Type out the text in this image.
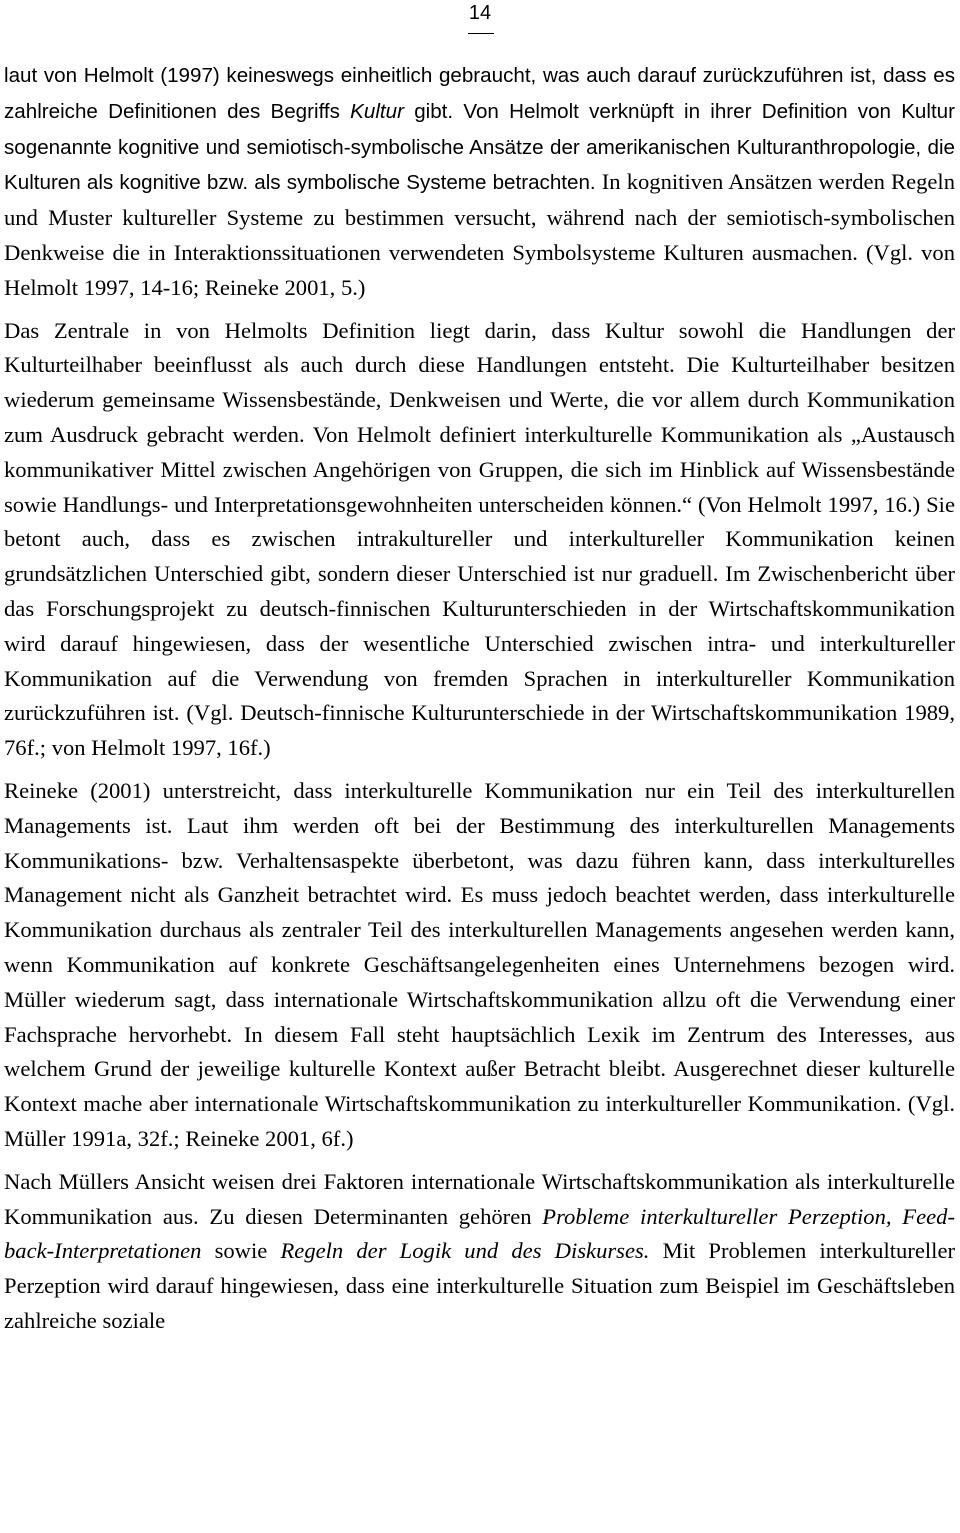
14

laut von Helmolt (1997) keineswegs einheitlich gebraucht, was auch darauf zurückzuführen ist, dass es zahlreiche Definitionen des Begriffs Kultur gibt. Von Helmolt verknüpft in ihrer Definition von Kultur sogenannte kognitive und semiotisch-symbolische Ansätze der amerikanischen Kulturanthropologie, die Kulturen als kognitive bzw. als symbolische Systeme betrachten. In kognitiven Ansätzen werden Regeln und Muster kultureller Systeme zu bestimmen versucht, während nach der semiotisch-symbolischen Denkweise die in Interaktionssituationen verwendeten Symbolsysteme Kulturen ausmachen. (Vgl. von Helmolt 1997, 14-16; Reineke 2001, 5.)

Das Zentrale in von Helmolts Definition liegt darin, dass Kultur sowohl die Handlungen der Kulturteilhaber beeinflusst als auch durch diese Handlungen entsteht. Die Kulturteilhaber besitzen wiederum gemeinsame Wissensbestände, Denkweisen und Werte, die vor allem durch Kommunikation zum Ausdruck gebracht werden. Von Helmolt definiert interkulturelle Kommunikation als „Austausch kommunikativer Mittel zwischen Angehörigen von Gruppen, die sich im Hinblick auf Wissensbestände sowie Handlungs- und Interpretationsgewohnheiten unterscheiden können.“ (Von Helmolt 1997, 16.) Sie betont auch, dass es zwischen intrakultureller und interkultureller Kommunikation keinen grundsätzlichen Unterschied gibt, sondern dieser Unterschied ist nur graduell. Im Zwischenbericht über das Forschungsprojekt zu deutsch-finnischen Kulturunterschieden in der Wirtschaftskommunikation wird darauf hingewiesen, dass der wesentliche Unterschied zwischen intra- und interkultureller Kommunikation auf die Verwendung von fremden Sprachen in interkultureller Kommunikation zurückzuführen ist. (Vgl. Deutsch-finnische Kulturunterschiede in der Wirtschaftskommunikation 1989, 76f.; von Helmolt 1997, 16f.)

Reineke (2001) unterstreicht, dass interkulturelle Kommunikation nur ein Teil des interkulturellen Managements ist. Laut ihm werden oft bei der Bestimmung des interkulturellen Managements Kommunikations- bzw. Verhaltensaspekte überbetont, was dazu führen kann, dass interkulturelles Management nicht als Ganzheit betrachtet wird. Es muss jedoch beachtet werden, dass interkulturelle Kommunikation durchaus als zentraler Teil des interkulturellen Managements angesehen werden kann, wenn Kommunikation auf konkrete Geschäftsangelegenheiten eines Unternehmens bezogen wird. Müller wiederum sagt, dass internationale Wirtschaftskommunikation allzu oft die Verwendung einer Fachsprache hervorhebt. In diesem Fall steht hauptsächlich Lexik im Zentrum des Interesses, aus welchem Grund der jeweilige kulturelle Kontext außer Betracht bleibt. Ausgerechnet dieser kulturelle Kontext mache aber internationale Wirtschaftskommunikation zu interkultureller Kommunikation. (Vgl. Müller 1991a, 32f.; Reineke 2001, 6f.)

Nach Müllers Ansicht weisen drei Faktoren internationale Wirtschaftskommunikation als interkulturelle Kommunikation aus. Zu diesen Determinanten gehören Probleme interkultureller Perzeption, Feed-back-Interpretationen sowie Regeln der Logik und des Diskurses. Mit Problemen interkultureller Perzeption wird darauf hingewiesen, dass eine interkulturelle Situation zum Beispiel im Geschäftsleben zahlreiche soziale
